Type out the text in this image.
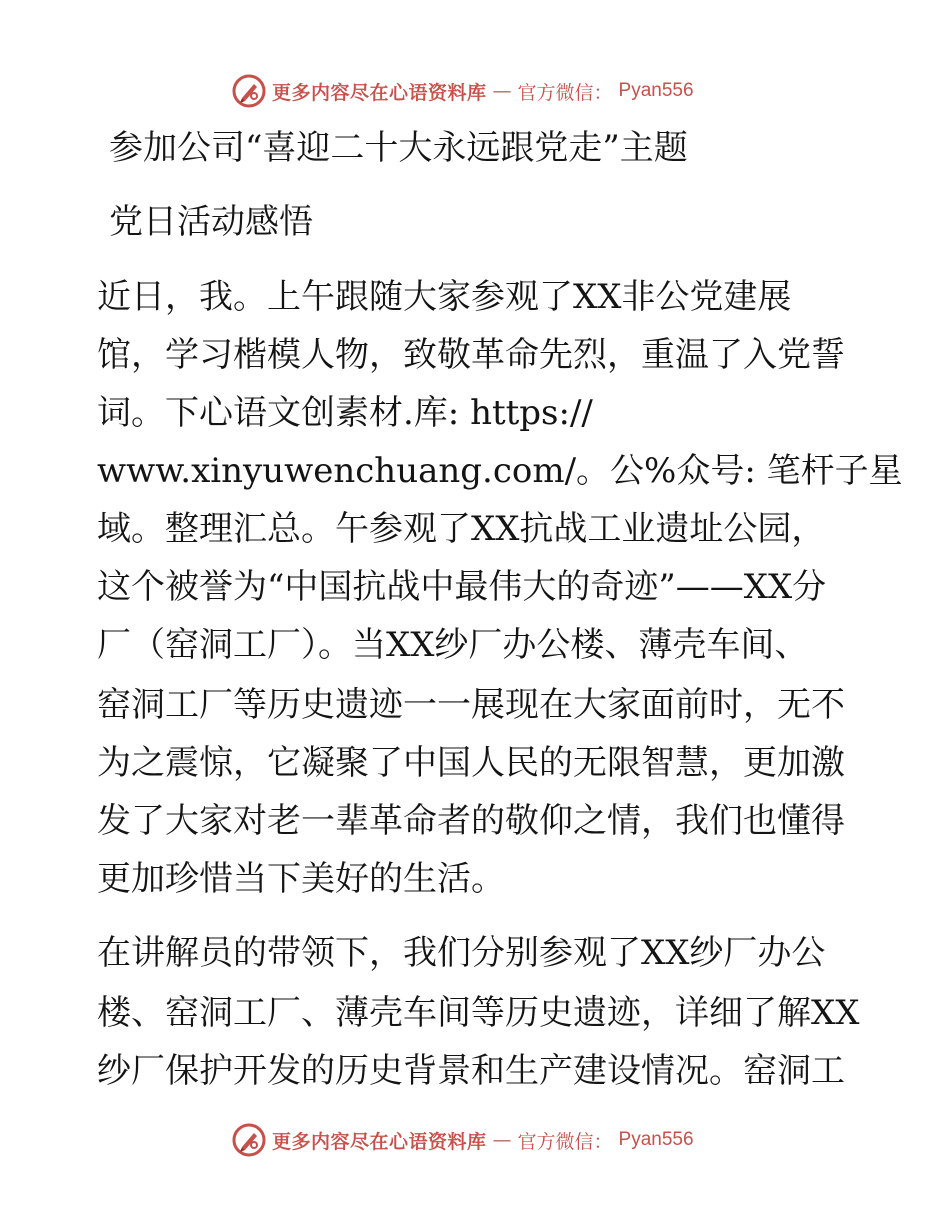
更多内容尽在心语资料库 — 官方微信： Pyan556
参加公司“喜迎二十大永远跟党走”主题
党日活动感悟
近日，我。上午跟随大家参观了XX非公党建展
馆，学习楷模人物，致敬革命先烈，重温了入党誓
词。下心语文创素材.库: https://
www.xinyuwenchuang.com/。公%众号: 笔杆子星
域。整理汇总。午参观了XX抗战工业遗址公园，
这个被誉为“中国抗战中最伟大的奇迹”——XX分
厂（窑洞工厂）。当XX纱厂办公楼、薄壳车间、
窑洞工厂等历史遗迹一一展现在大家面前时，无不
为之震惊，它凝聚了中国人民的无限智慧，更加激
发了大家对老一辈革命者的敬仰之情，我们也懂得
更加珍惜当下美好的生活。
在讲解员的带领下，我们分别参观了XX纱厂办公
楼、窑洞工厂、薄壳车间等历史遗迹，详细了解XX
纱厂保护开发的历史背景和生产建设情况。窑洞工
更多内容尽在心语资料库 — 官方微信： Pyan556
